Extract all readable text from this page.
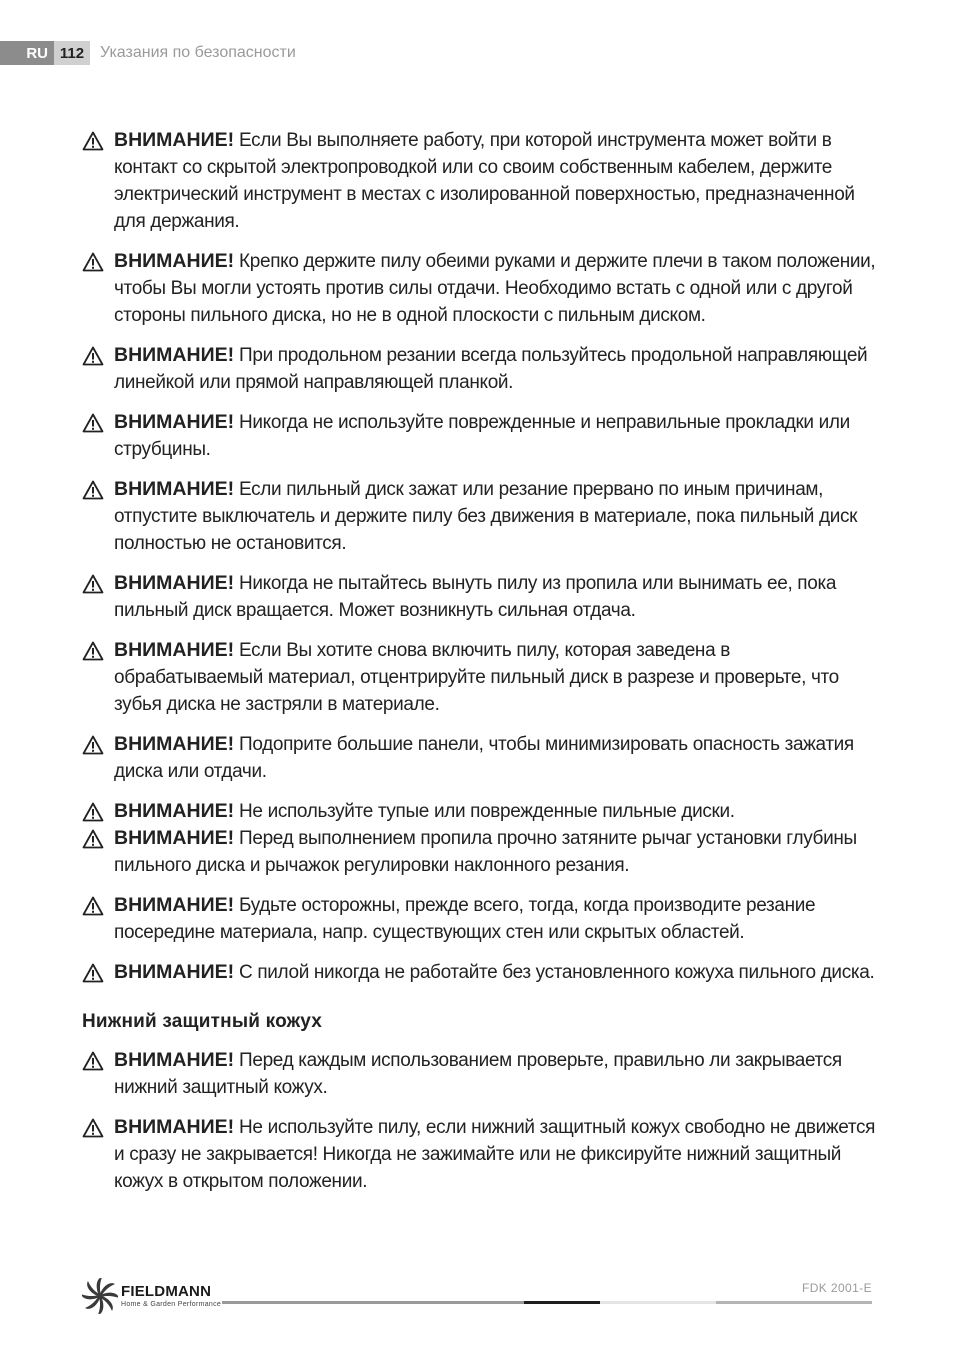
RU 112 Указания по безопасности
ВНИМАНИЕ! Если Вы выполняете работу, при которой инструмента может войти в контакт со скрытой электропроводкой или со своим собственным кабелем, держите электрический инструмент в местах с изолированной поверхностью, предназначенной для держания.
ВНИМАНИЕ! Крепко держите пилу обеими руками и держите плечи в таком положении, чтобы Вы могли устоять против силы отдачи. Необходимо встать с одной или с другой стороны пильного диска, но не в одной плоскости с пильным диском.
ВНИМАНИЕ! При продольном резании всегда пользуйтесь продольной направляющей линейкой или прямой направляющей планкой.
ВНИМАНИЕ! Никогда не используйте поврежденные и неправильные прокладки или струбцины.
ВНИМАНИЕ! Если пильный диск зажат или резание прервано по иным причинам, отпустите выключатель и держите пилу без движения в материале, пока пильный диск полностью не остановится.
ВНИМАНИЕ! Никогда не пытайтесь вынуть пилу из пропила или вынимать ее, пока пильный диск вращается. Может возникнуть сильная отдача.
ВНИМАНИЕ! Если Вы хотите снова включить пилу, которая заведена в обрабатываемый материал, отцентрируйте пильный диск в разрезе и проверьте, что зубья диска не застряли в материале.
ВНИМАНИЕ! Подоприте большие панели, чтобы минимизировать опасность зажатия диска или отдачи.
ВНИМАНИЕ! Не используйте тупые или поврежденные пильные диски.
ВНИМАНИЕ! Перед выполнением пропила прочно затяните рычаг установки глубины пильного диска и рычажок регулировки наклонного резания.
ВНИМАНИЕ! Будьте осторожны, прежде всего, тогда, когда производите резание посередине материала, напр. существующих стен или скрытых областей.
ВНИМАНИЕ! С пилой никогда не работайте без установленного кожуха пильного диска.
Нижний защитный кожух
ВНИМАНИЕ! Перед каждым использованием проверьте, правильно ли закрывается нижний защитный кожух.
ВНИМАНИЕ! Не используйте пилу, если нижний защитный кожух свободно не движется и сразу не закрывается! Никогда не зажимайте или не фиксируйте нижний защитный кожух в открытом положении.
FIELDMANN
Home & Garden Performance
FDK 2001-E
